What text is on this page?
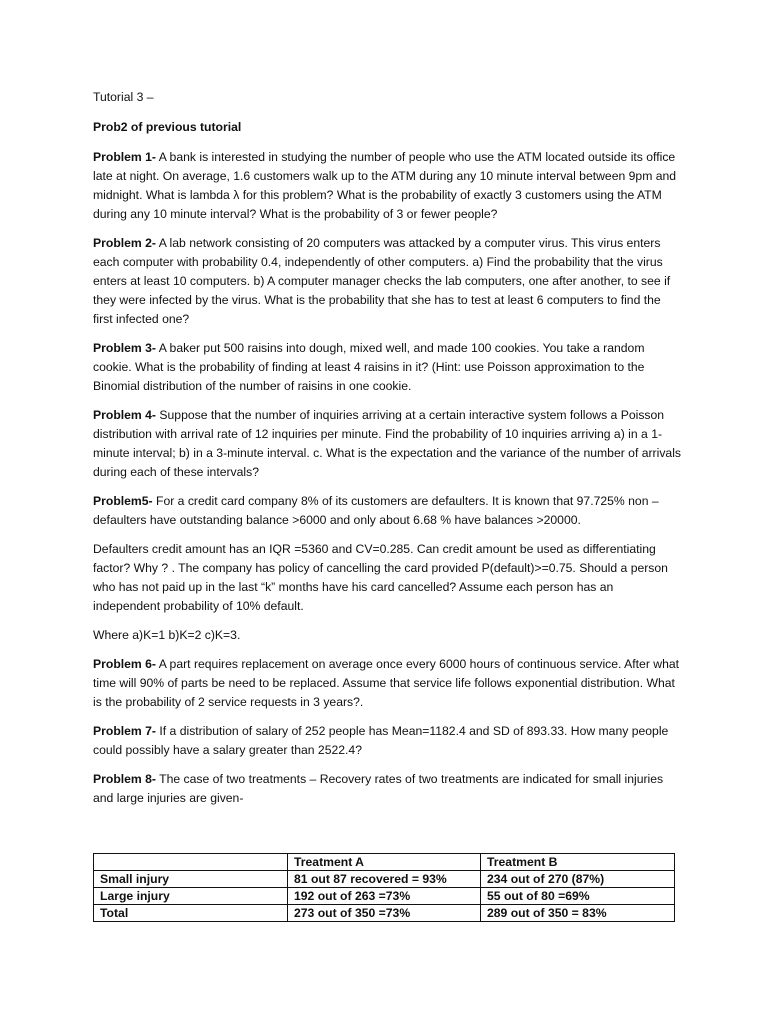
Tutorial 3 –

Prob2 of previous tutorial

Problem 1- A bank is interested in studying the number of people who use the ATM located outside its office late at night. On average, 1.6 customers walk up to the ATM during any 10 minute interval between 9pm and midnight. What is lambda λ for this problem? What is the probability of exactly 3 customers using the ATM during any 10 minute interval? What is the probability of 3 or fewer people?

Problem 2- A lab network consisting of 20 computers was attacked by a computer virus. This virus enters each computer with probability 0.4, independently of other computers. a) Find the probability that the virus enters at least 10 computers. b) A computer manager checks the lab computers, one after another, to see if they were infected by the virus. What is the probability that she has to test at least 6 computers to find the first infected one?

Problem 3- A baker put 500 raisins into dough, mixed well, and made 100 cookies. You take a random cookie. What is the probability of finding at least 4 raisins in it? (Hint: use Poisson approximation to the Binomial distribution of the number of raisins in one cookie.

Problem 4- Suppose that the number of inquiries arriving at a certain interactive system follows a Poisson distribution with arrival rate of 12 inquiries per minute. Find the probability of 10 inquiries arriving a) in a 1-minute interval; b) in a 3-minute interval. c. What is the expectation and the variance of the number of arrivals during each of these intervals?

Problem5- For a credit card company 8% of its customers are defaulters. It is known that 97.725% non –defaulters have outstanding balance >6000 and only about 6.68 % have balances >20000.

Defaulters credit amount has an IQR =5360 and CV=0.285. Can credit amount be used as differentiating factor? Why ? . The company has policy of cancelling the card provided P(default)>=0.75. Should a person who has not paid up in the last “k” months have his card cancelled? Assume each person has an independent probability of 10% default.

Where a)K=1 b)K=2 c)K=3.

Problem 6- A part requires replacement on average once every 6000 hours of continuous service. After what time will 90% of parts be need to be replaced. Assume that service life follows exponential distribution. What is the probability of 2 service requests in 3 years?.

Problem 7- If a distribution of salary of 252 people has Mean=1182.4 and SD of 893.33. How many people could possibly have a salary greater than 2522.4?

Problem 8- The case of two treatments – Recovery rates of two treatments are indicated for small injuries and large injuries are given-

	Treatment A	Treatment B
Small injury	81 out 87 recovered = 93%	234 out of 270 (87%)
Large injury	192 out of 263 =73%	55 out of 80 =69%
Total	273 out of 350 =73%	289 out of 350 = 83%
